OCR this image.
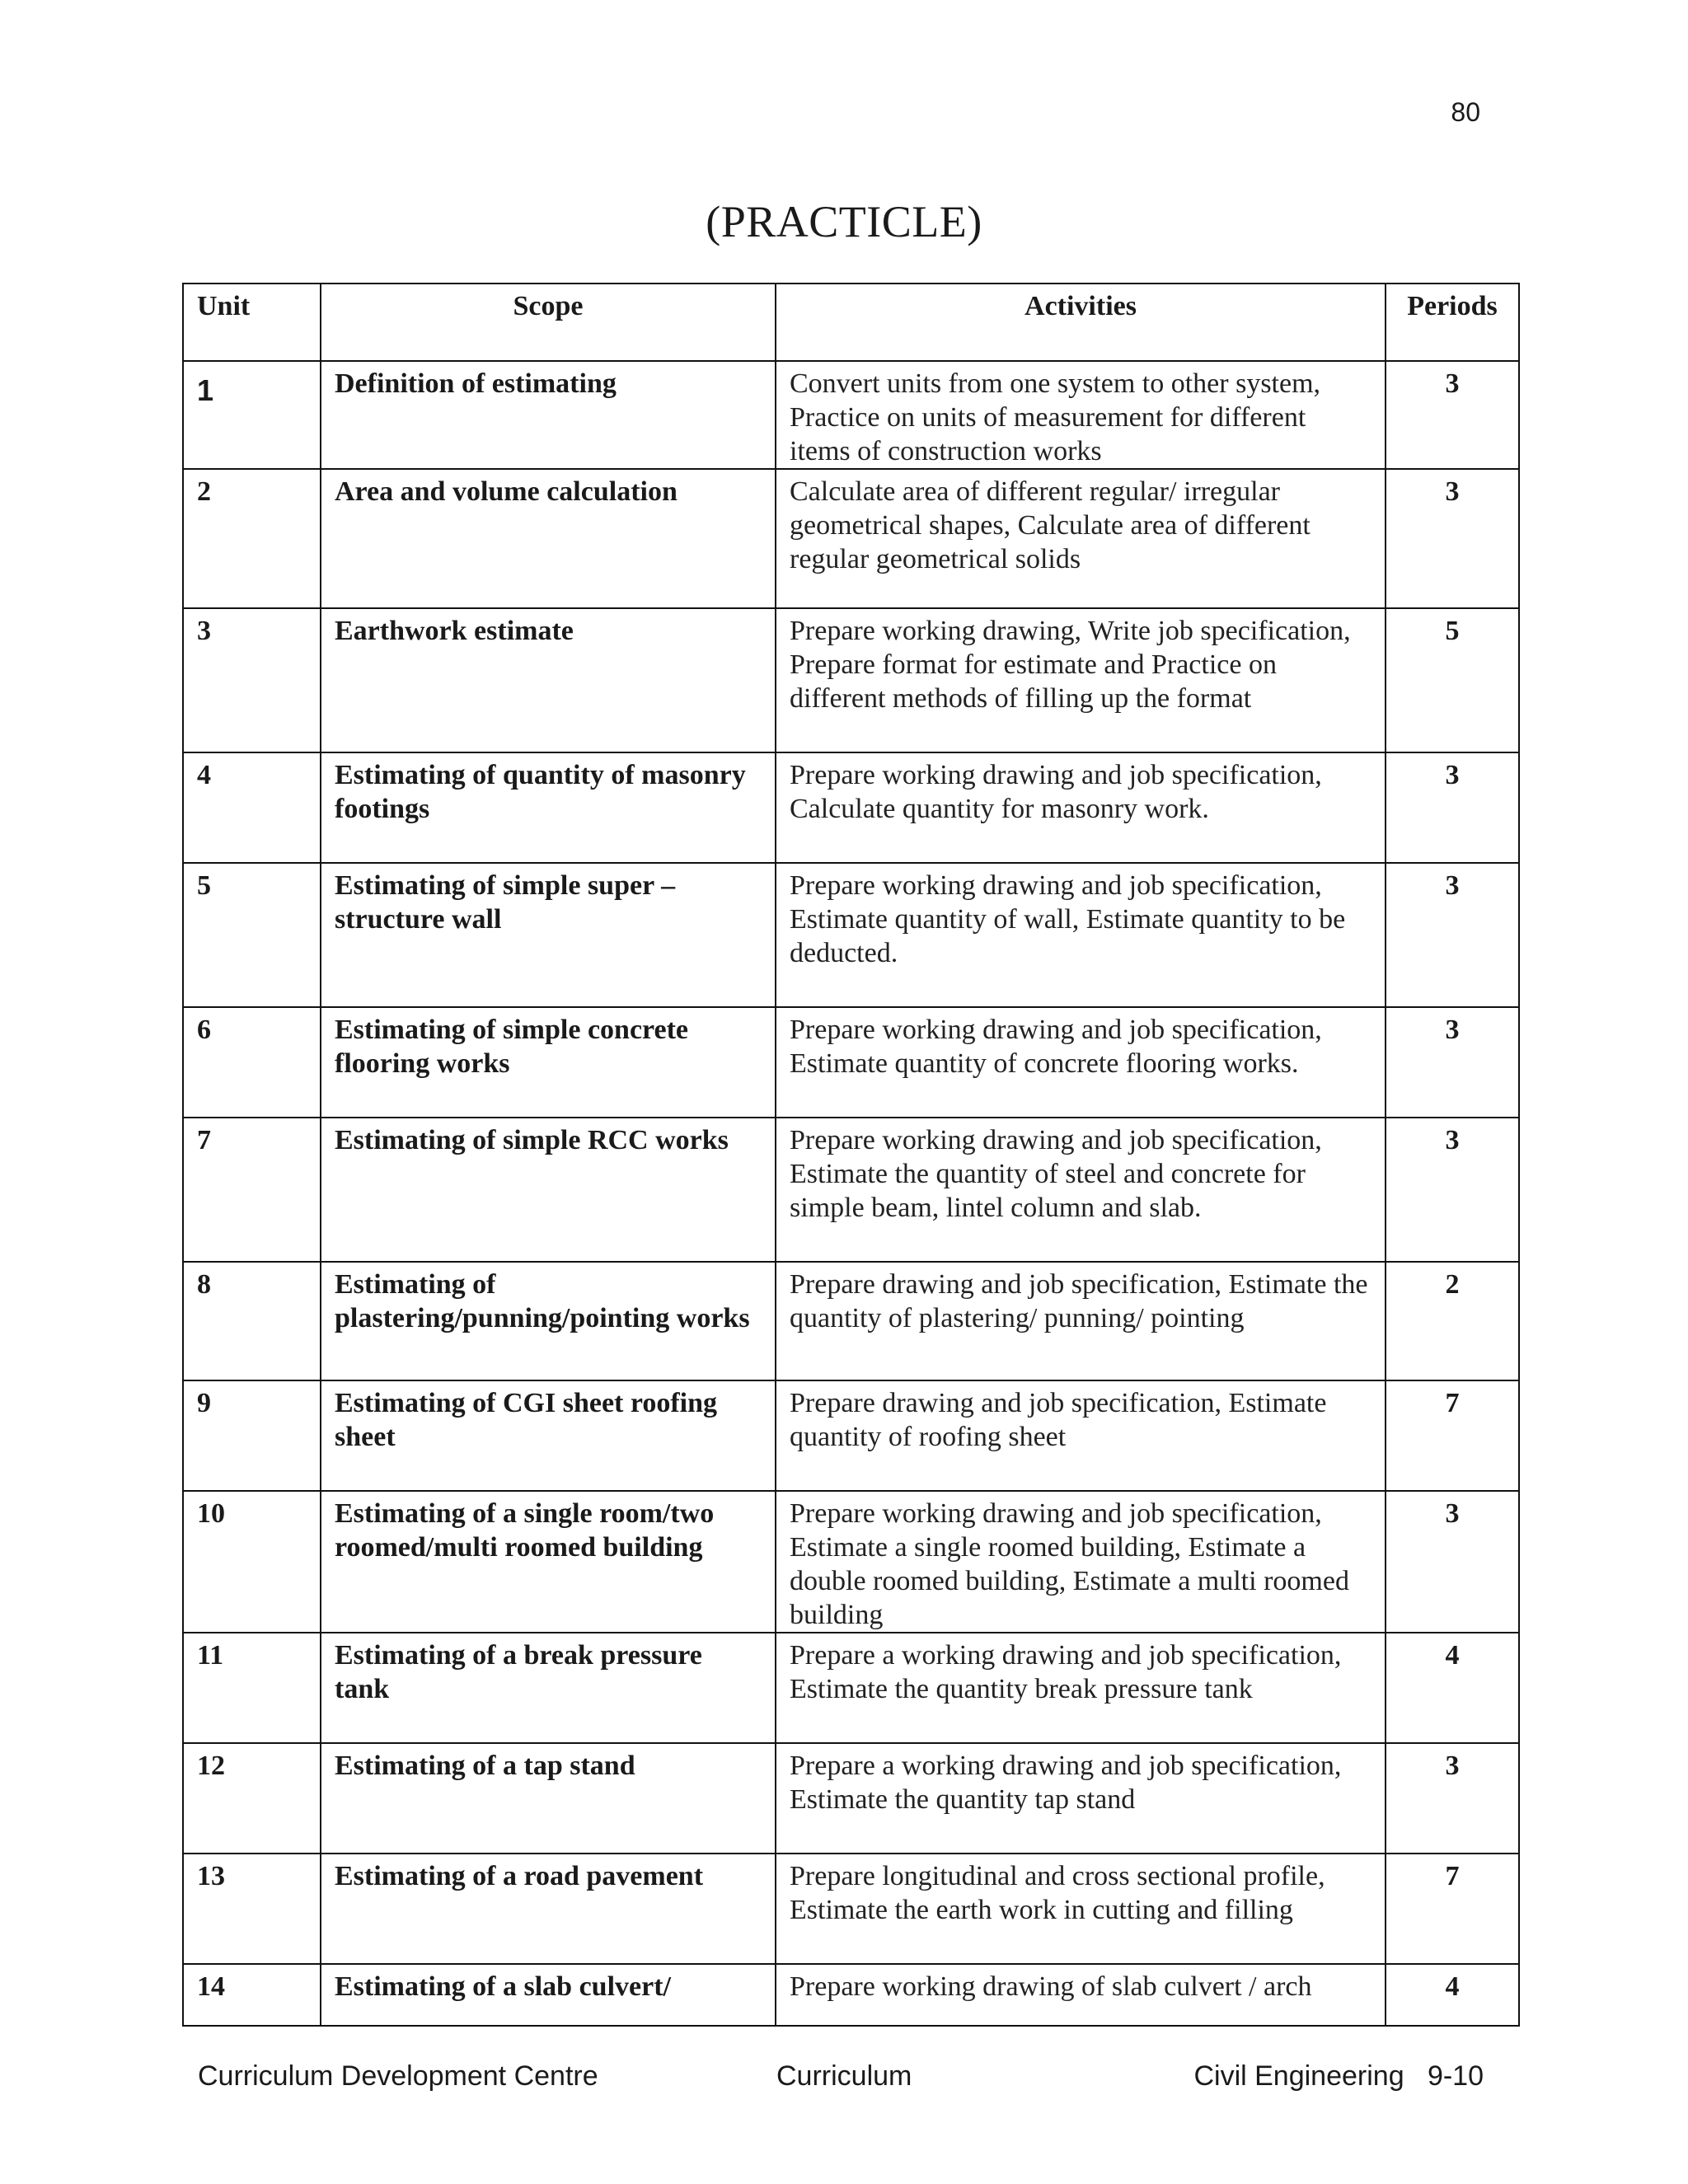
80
(PRACTICLE)
Unit	Scope	Activities	Periods
1	Definition of estimating	Convert units from one system to other system, Practice on units of measurement for different items of construction works	3
2	Area and volume calculation	Calculate area of different regular/ irregular geometrical shapes, Calculate area of different regular geometrical solids	3
3	Earthwork estimate	Prepare working drawing, Write job specification, Prepare format for estimate and Practice on different methods of filling up the format	5
4	Estimating of quantity of masonry footings	Prepare working drawing and job specification, Calculate quantity for masonry work.	3
5	Estimating of simple super – structure wall	Prepare working drawing and job specification, Estimate quantity of wall, Estimate quantity to be deducted.	3
6	Estimating of simple concrete flooring works	Prepare working drawing and job specification, Estimate quantity of concrete flooring works.	3
7	Estimating of simple RCC works	Prepare working drawing and job specification, Estimate the quantity of steel and concrete for simple beam, lintel column and slab.	3
8	Estimating of plastering/punning/pointing works	Prepare drawing and job specification, Estimate the quantity of plastering/ punning/ pointing	2
9	Estimating of CGI sheet roofing sheet	Prepare drawing and job specification, Estimate quantity of roofing sheet	7
10	Estimating of a single room/two roomed/multi roomed building	Prepare working drawing and job specification, Estimate a single roomed building, Estimate a double roomed building, Estimate a multi roomed building	3
11	Estimating of a break pressure tank	Prepare a working drawing and job specification, Estimate the quantity break pressure tank	4
12	Estimating of a tap stand	Prepare a working drawing and job specification, Estimate the quantity tap stand	3
13	Estimating of a road pavement	Prepare longitudinal and cross sectional profile, Estimate the earth work in cutting and filling	7
14	Estimating of a slab culvert/	Prepare working drawing of slab culvert / arch	4
Curriculum Development Centre	Curriculum	Civil Engineering   9-10
